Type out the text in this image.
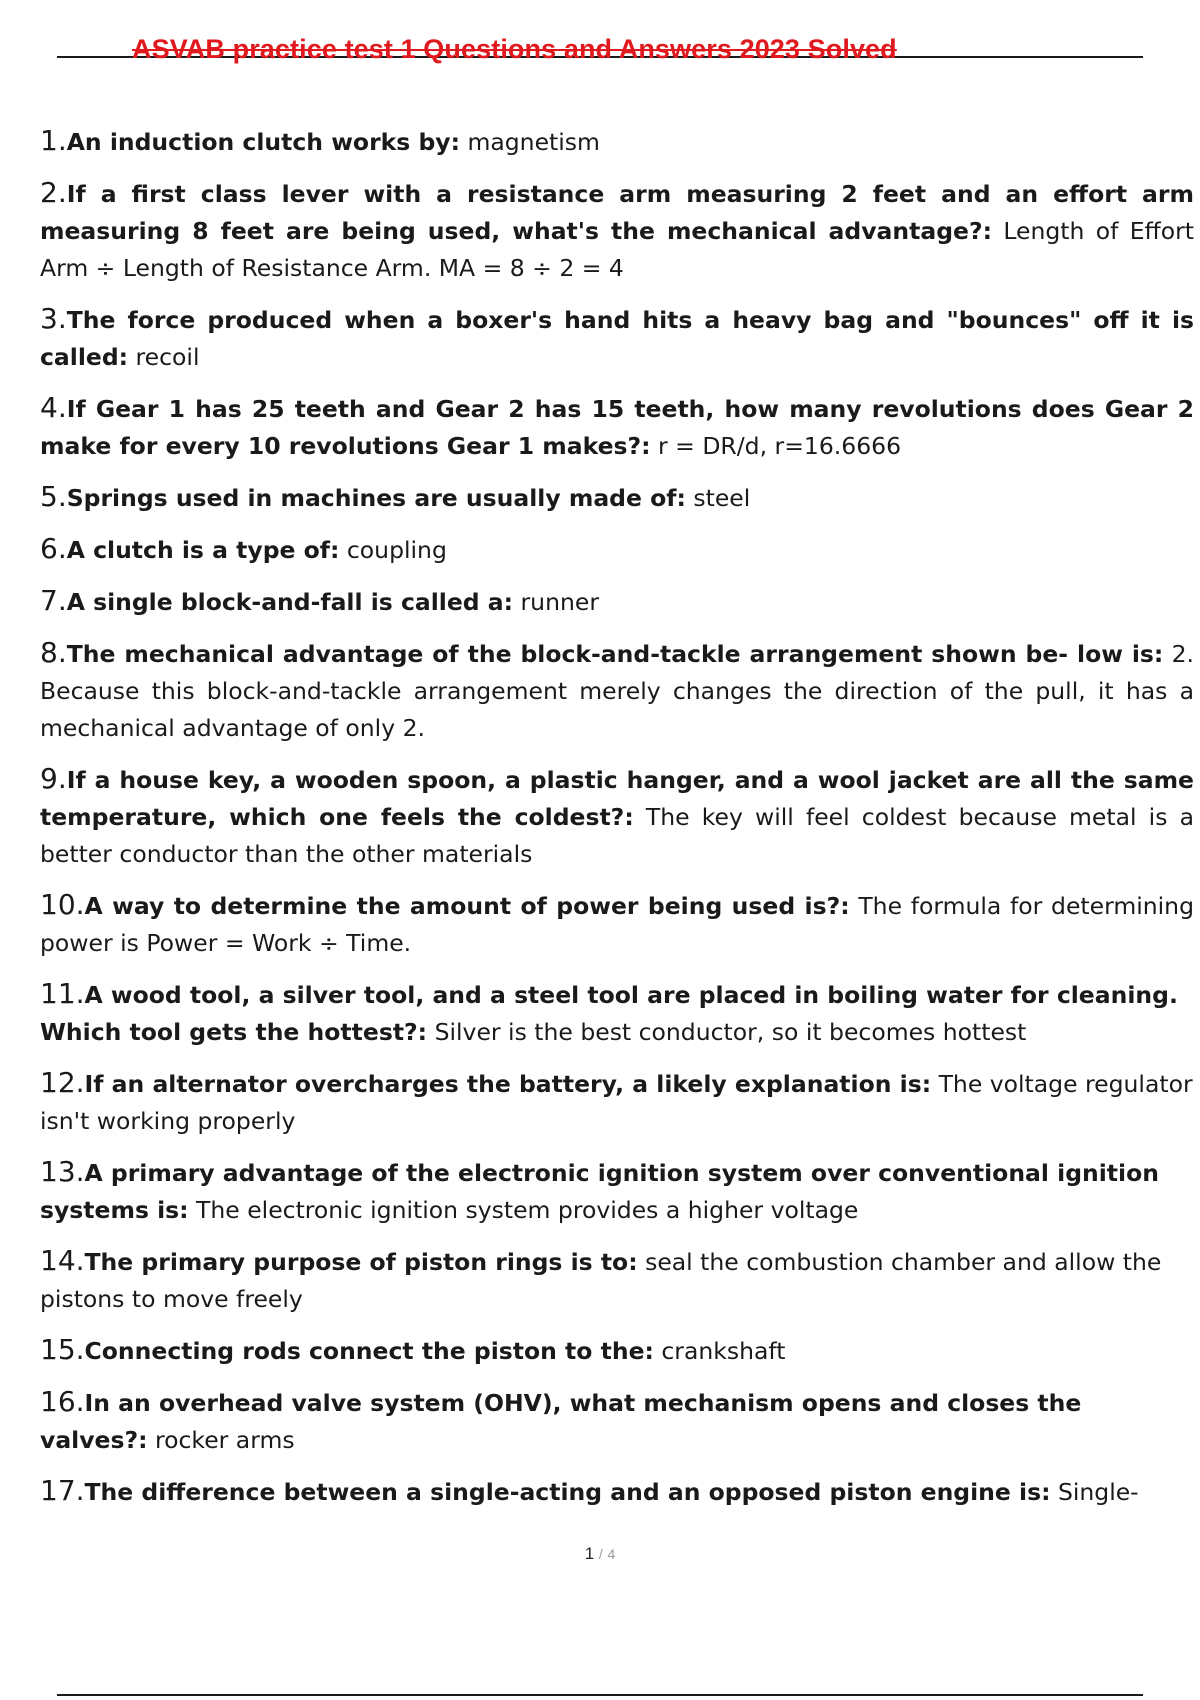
ASVAB practice test 1 Questions and Answers 2023 Solved
1.An induction clutch works by: magnetism
2.If a first class lever with a resistance arm measuring 2 feet and an effort arm measuring 8 feet are being used, what's the mechanical advantage?: Length of Effort Arm ÷ Length of Resistance Arm. MA = 8 ÷ 2 = 4
3.The force produced when a boxer's hand hits a heavy bag and "bounces" off it is called: recoil
4.If Gear 1 has 25 teeth and Gear 2 has 15 teeth, how many revolutions does Gear 2 make for every 10 revolutions Gear 1 makes?: r = DR/d, r=16.6666
5.Springs used in machines are usually made of: steel
6.A clutch is a type of: coupling
7.A single block-and-fall is called a: runner
8.The mechanical advantage of the block-and-tackle arrangement shown be- low is: 2. Because this block-and-tackle arrangement merely changes the direction of the pull, it has a mechanical advantage of only 2.
9.If a house key, a wooden spoon, a plastic hanger, and a wool jacket are all the same temperature, which one feels the coldest?: The key will feel coldest because metal is a better conductor than the other materials
10.A way to determine the amount of power being used is?: The formula for determining power is Power = Work ÷ Time.
11.A wood tool, a silver tool, and a steel tool are placed in boiling water for cleaning. Which tool gets the hottest?: Silver is the best conductor, so it becomes hottest
12.If an alternator overcharges the battery, a likely explanation is: The voltage regulator isn't working properly
13.A primary advantage of the electronic ignition system over conventional ignition systems is: The electronic ignition system provides a higher voltage
14.The primary purpose of piston rings is to: seal the combustion chamber and allow the pistons to move freely
15.Connecting rods connect the piston to the: crankshaft
16.In an overhead valve system (OHV), what mechanism opens and closes the valves?: rocker arms
17.The difference between a single-acting and an opposed piston engine is: Single-
1 / 4
